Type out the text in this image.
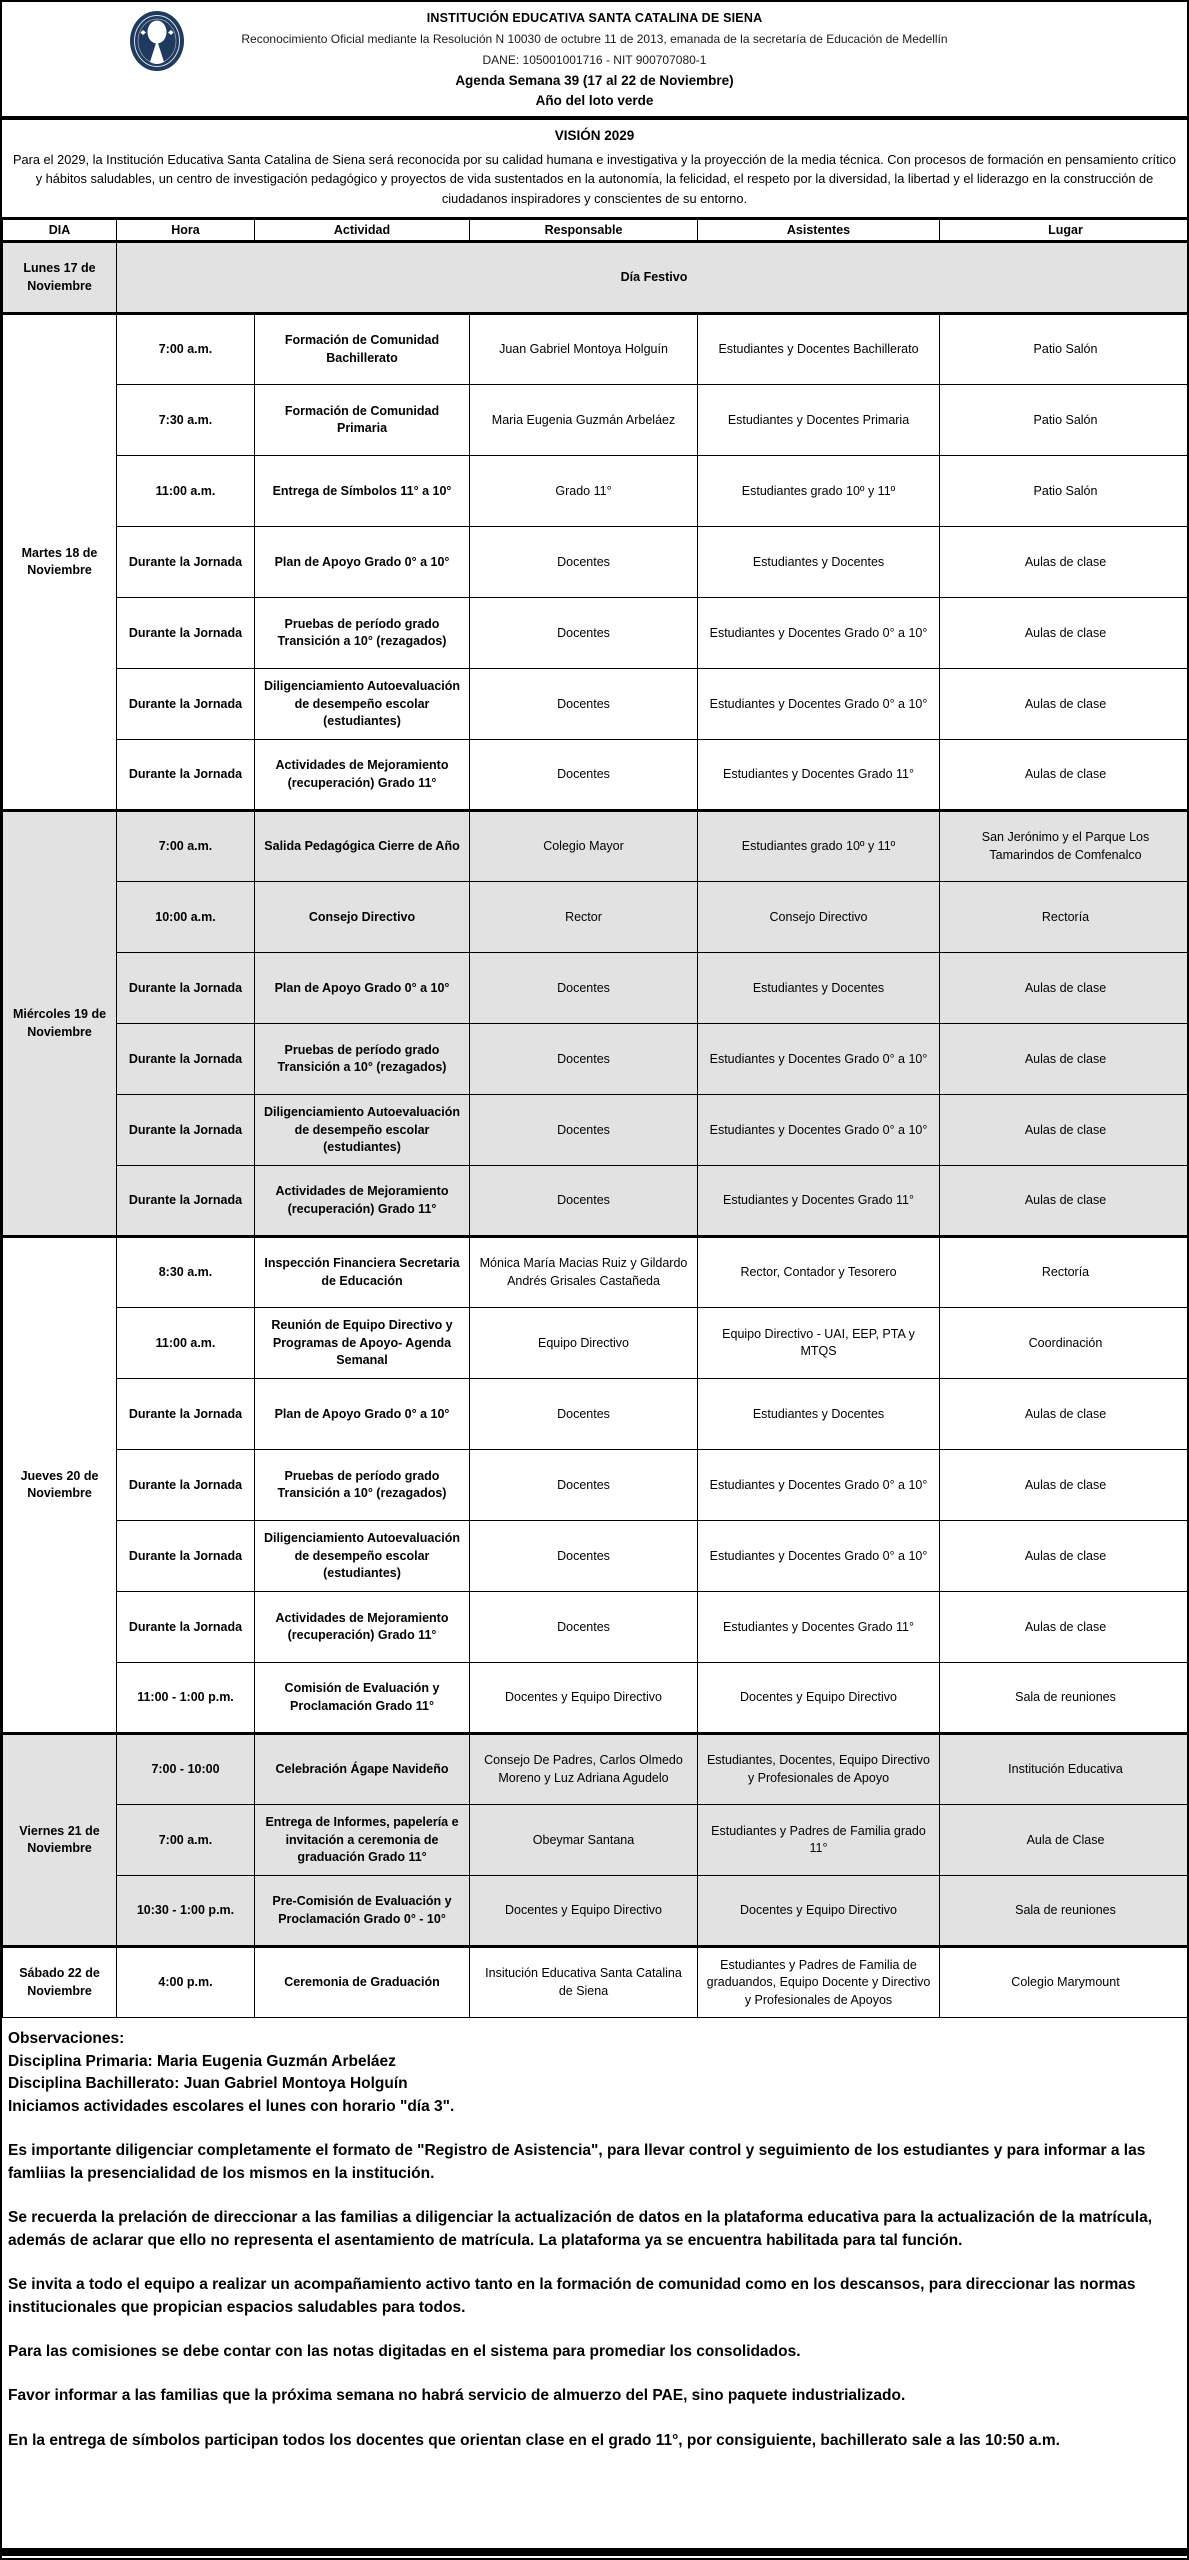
INSTITUCIÓN EDUCATIVA SANTA CATALINA DE SIENA
Reconocimiento Oficial mediante la Resolución N 10030 de octubre 11 de 2013, emanada de la secretaría de Educación de Medellín
DANE: 105001001716 - NIT 900707080-1
Agenda Semana 39 (17 al 22 de Noviembre)
Año del loto verde
VISIÓN 2029
Para el 2029, la Institución Educativa Santa Catalina de Siena será reconocida por su calidad humana e investigativa y la proyección de la media técnica. Con procesos de formación en pensamiento crítico y hábitos saludables, un centro de investigación pedagógico y proyectos de vida sustentados en la autonomía, la felicidad, el respeto por la diversidad, la libertad y el liderazgo en la construcción de ciudadanos inspiradores y conscientes de su entorno.
DIA	Hora	Actividad	Responsable	Asistentes	Lugar
Lunes 17 de Noviembre	Día Festivo				
Martes 18 de Noviembre	7:00 a.m.	Formación de Comunidad Bachillerato	Juan Gabriel Montoya Holguín	Estudiantes y Docentes Bachillerato	Patio Salón
	7:30 a.m.	Formación de Comunidad Primaria	Maria Eugenia Guzmán Arbeláez	Estudiantes y Docentes Primaria	Patio Salón
	11:00 a.m.	Entrega de Símbolos 11° a 10°	Grado 11°	Estudiantes grado 10º y 11º	Patio Salón
	Durante la Jornada	Plan de Apoyo Grado 0° a 10°	Docentes	Estudiantes y Docentes	Aulas de clase
	Durante la Jornada	Pruebas de período grado Transición a 10° (rezagados)	Docentes	Estudiantes y Docentes Grado 0° a 10°	Aulas de clase
	Durante la Jornada	Diligenciamiento Autoevaluación de desempeño escolar (estudiantes)	Docentes	Estudiantes y Docentes Grado 0° a 10°	Aulas de clase
	Durante la Jornada	Actividades de Mejoramiento (recuperación) Grado 11°	Docentes	Estudiantes y Docentes Grado 11°	Aulas de clase
Miércoles 19 de Noviembre	7:00 a.m.	Salida Pedagógica Cierre de Año	Colegio Mayor	Estudiantes grado 10º y 11º	San Jerónimo y el Parque Los Tamarindos de Comfenalco
	10:00 a.m.	Consejo Directivo	Rector	Consejo Directivo	Rectoría
	Durante la Jornada	Plan de Apoyo Grado 0° a 10°	Docentes	Estudiantes y Docentes	Aulas de clase
	Durante la Jornada	Pruebas de período grado Transición a 10° (rezagados)	Docentes	Estudiantes y Docentes Grado 0° a 10°	Aulas de clase
	Durante la Jornada	Diligenciamiento Autoevaluación de desempeño escolar (estudiantes)	Docentes	Estudiantes y Docentes Grado 0° a 10°	Aulas de clase
	Durante la Jornada	Actividades de Mejoramiento (recuperación) Grado 11°	Docentes	Estudiantes y Docentes Grado 11°	Aulas de clase
Jueves 20 de Noviembre	8:30 a.m.	Inspección Financiera Secretaria de Educación	Mónica María Macias Ruiz y Gildardo Andrés Grisales Castañeda	Rector, Contador y Tesorero	Rectoría
	11:00 a.m.	Reunión de Equipo Directivo y Programas de Apoyo- Agenda Semanal	Equipo Directivo	Equipo Directivo - UAI, EEP, PTA y MTQS	Coordinación
	Durante la Jornada	Plan de Apoyo Grado 0° a 10°	Docentes	Estudiantes y Docentes	Aulas de clase
	Durante la Jornada	Pruebas de período grado Transición a 10° (rezagados)	Docentes	Estudiantes y Docentes Grado 0° a 10°	Aulas de clase
	Durante la Jornada	Diligenciamiento Autoevaluación de desempeño escolar (estudiantes)	Docentes	Estudiantes y Docentes Grado 0° a 10°	Aulas de clase
	Durante la Jornada	Actividades de Mejoramiento (recuperación) Grado 11°	Docentes	Estudiantes y Docentes Grado 11°	Aulas de clase
	11:00 - 1:00 p.m.	Comisión de Evaluación y Proclamación Grado 11°	Docentes y Equipo Directivo	Docentes y Equipo Directivo	Sala de reuniones
Viernes 21 de Noviembre	7:00 - 10:00	Celebración Ágape Navideño	Consejo De Padres, Carlos Olmedo Moreno y Luz Adriana Agudelo	Estudiantes, Docentes, Equipo Directivo y Profesionales de Apoyo	Institución Educativa
	7:00 a.m.	Entrega de Informes, papelería e invitación a ceremonia de graduación Grado 11°	Obeymar Santana	Estudiantes y Padres de Familia grado 11°	Aula de Clase
	10:30 - 1:00 p.m.	Pre-Comisión de Evaluación y Proclamación Grado 0° - 10°	Docentes y Equipo Directivo	Docentes y Equipo Directivo	Sala de reuniones
Sábado 22 de Noviembre	4:00 p.m.	Ceremonia de Graduación	Insitución Educativa Santa Catalina de Siena	Estudiantes y Padres de Familia de graduandos, Equipo Docente y Directivo y Profesionales de Apoyos	Colegio Marymount
Observaciones:
Disciplina Primaria: Maria Eugenia Guzmán Arbeláez
Disciplina Bachillerato: Juan Gabriel Montoya Holguín
Iniciamos actividades escolares el lunes con horario "día 3".
Es importante diligenciar completamente el formato de "Registro de Asistencia", para llevar control y seguimiento de los estudiantes y para informar a las famliias la presencialidad de los mismos en la institución.
Se recuerda la prelación de direccionar a las familias a diligenciar la actualización de datos en la plataforma educativa para la actualización de la matrícula, además de aclarar que ello no representa el asentamiento de matrícula. La plataforma ya se encuentra habilitada para tal función.
Se invita a todo el equipo a realizar un acompañamiento activo tanto en la formación de comunidad como en los descansos, para direccionar las normas institucionales que propician espacios saludables para todos.
Para las comisiones se debe contar con las notas digitadas en el sistema para promediar los consolidados.
Favor informar a las familias que la próxima semana no habrá servicio de almuerzo del PAE, sino paquete industrializado.
En la entrega de símbolos participan todos los docentes que orientan clase en el grado 11°, por consiguiente, bachillerato sale a las 10:50 a.m.
